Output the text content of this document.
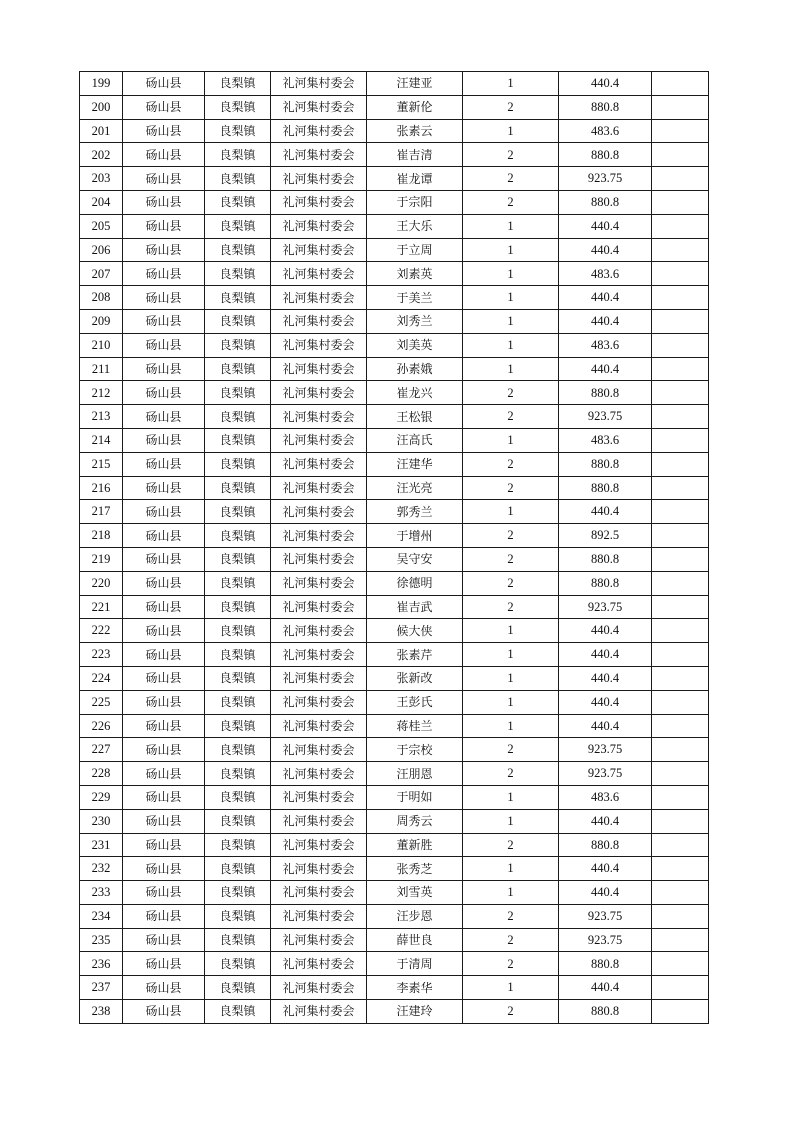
199	砀山县	良梨镇	礼河集村委会	汪建亚	1	440.4	
200	砀山县	良梨镇	礼河集村委会	董新伦	2	880.8	
201	砀山县	良梨镇	礼河集村委会	张素云	1	483.6	
202	砀山县	良梨镇	礼河集村委会	崔吉清	2	880.8	
203	砀山县	良梨镇	礼河集村委会	崔龙谭	2	923.75	
204	砀山县	良梨镇	礼河集村委会	于宗阳	2	880.8	
205	砀山县	良梨镇	礼河集村委会	王大乐	1	440.4	
206	砀山县	良梨镇	礼河集村委会	于立周	1	440.4	
207	砀山县	良梨镇	礼河集村委会	刘素英	1	483.6	
208	砀山县	良梨镇	礼河集村委会	于美兰	1	440.4	
209	砀山县	良梨镇	礼河集村委会	刘秀兰	1	440.4	
210	砀山县	良梨镇	礼河集村委会	刘美英	1	483.6	
211	砀山县	良梨镇	礼河集村委会	孙素娥	1	440.4	
212	砀山县	良梨镇	礼河集村委会	崔龙兴	2	880.8	
213	砀山县	良梨镇	礼河集村委会	王松银	2	923.75	
214	砀山县	良梨镇	礼河集村委会	汪高氏	1	483.6	
215	砀山县	良梨镇	礼河集村委会	汪建华	2	880.8	
216	砀山县	良梨镇	礼河集村委会	汪光亮	2	880.8	
217	砀山县	良梨镇	礼河集村委会	郭秀兰	1	440.4	
218	砀山县	良梨镇	礼河集村委会	于增州	2	892.5	
219	砀山县	良梨镇	礼河集村委会	吴守安	2	880.8	
220	砀山县	良梨镇	礼河集村委会	徐德明	2	880.8	
221	砀山县	良梨镇	礼河集村委会	崔吉武	2	923.75	
222	砀山县	良梨镇	礼河集村委会	候大侠	1	440.4	
223	砀山县	良梨镇	礼河集村委会	张素芹	1	440.4	
224	砀山县	良梨镇	礼河集村委会	张新改	1	440.4	
225	砀山县	良梨镇	礼河集村委会	王彭氏	1	440.4	
226	砀山县	良梨镇	礼河集村委会	蒋桂兰	1	440.4	
227	砀山县	良梨镇	礼河集村委会	于宗校	2	923.75	
228	砀山县	良梨镇	礼河集村委会	汪朋恩	2	923.75	
229	砀山县	良梨镇	礼河集村委会	于明如	1	483.6	
230	砀山县	良梨镇	礼河集村委会	周秀云	1	440.4	
231	砀山县	良梨镇	礼河集村委会	董新胜	2	880.8	
232	砀山县	良梨镇	礼河集村委会	张秀芝	1	440.4	
233	砀山县	良梨镇	礼河集村委会	刘雪英	1	440.4	
234	砀山县	良梨镇	礼河集村委会	汪步恩	2	923.75	
235	砀山县	良梨镇	礼河集村委会	薛世良	2	923.75	
236	砀山县	良梨镇	礼河集村委会	于清周	2	880.8	
237	砀山县	良梨镇	礼河集村委会	李素华	1	440.4	
238	砀山县	良梨镇	礼河集村委会	汪建玲	2	880.8	
